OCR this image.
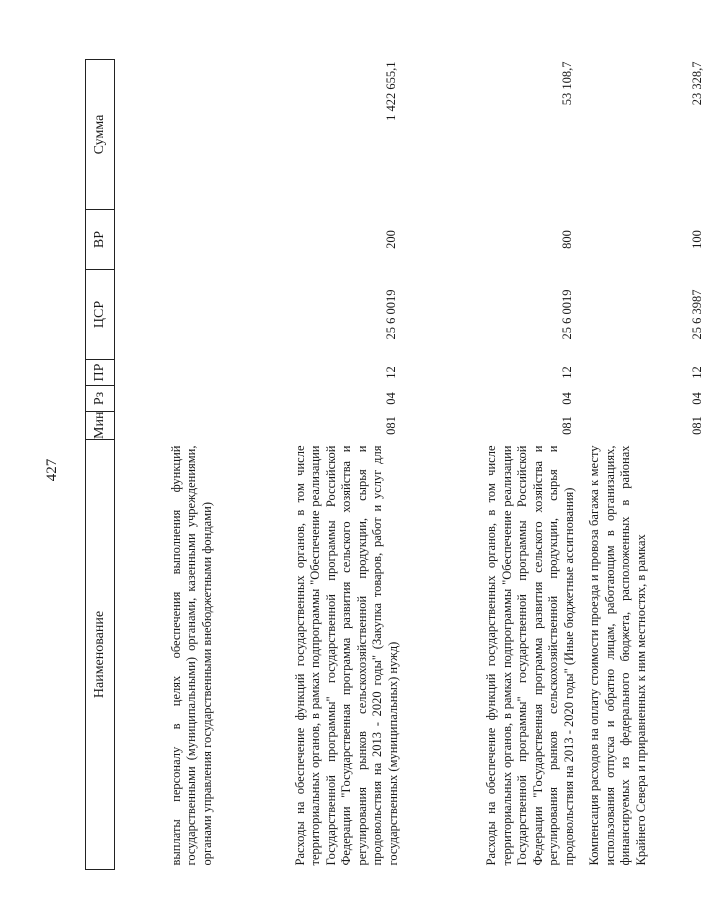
427
Наименование	Мин	Рз	ПР	ЦСР	ВР	Сумма
выплаты персоналу в целях обеспечения выполнения функций государственными (муниципальными) органами, казенными учреждениями, органами управления государственными внебюджетными фондами)						
Расходы на обеспечение функций государственных органов, в том числе территориальных органов, в рамках подпрограммы "Обеспечение реализации Государственной программы" государственной программы Российской Федерации "Государственная программа развития сельского хозяйства и регулирования рынков сельскохозяйственной продукции, сырья и продовольствия на 2013 - 2020 годы" (Закупка товаров, работ и услуг для государственных (муниципальных) нужд)	081	04	12	25 6 0019	200	1 422 655,1
Расходы на обеспечение функций государственных органов, в том числе территориальных органов, в рамках подпрограммы "Обеспечение реализации Государственной программы" государственной программы Российской Федерации "Государственная программа развития сельского хозяйства и регулирования рынков сельскохозяйственной продукции, сырья и продовольствия на 2013 - 2020 годы" (Иные бюджетные ассигнования)	081	04	12	25 6 0019	800	53 108,7
Компенсация расходов на оплату стоимости проезда и провоза багажа к месту использования отпуска и обратно лицам, работающим в организациях, финансируемых из федерального бюджета, расположенных в районах Крайнего Севера и приравненных к ним местностях, в рамках	081	04	12	25 6 3987	100	23 328,7
